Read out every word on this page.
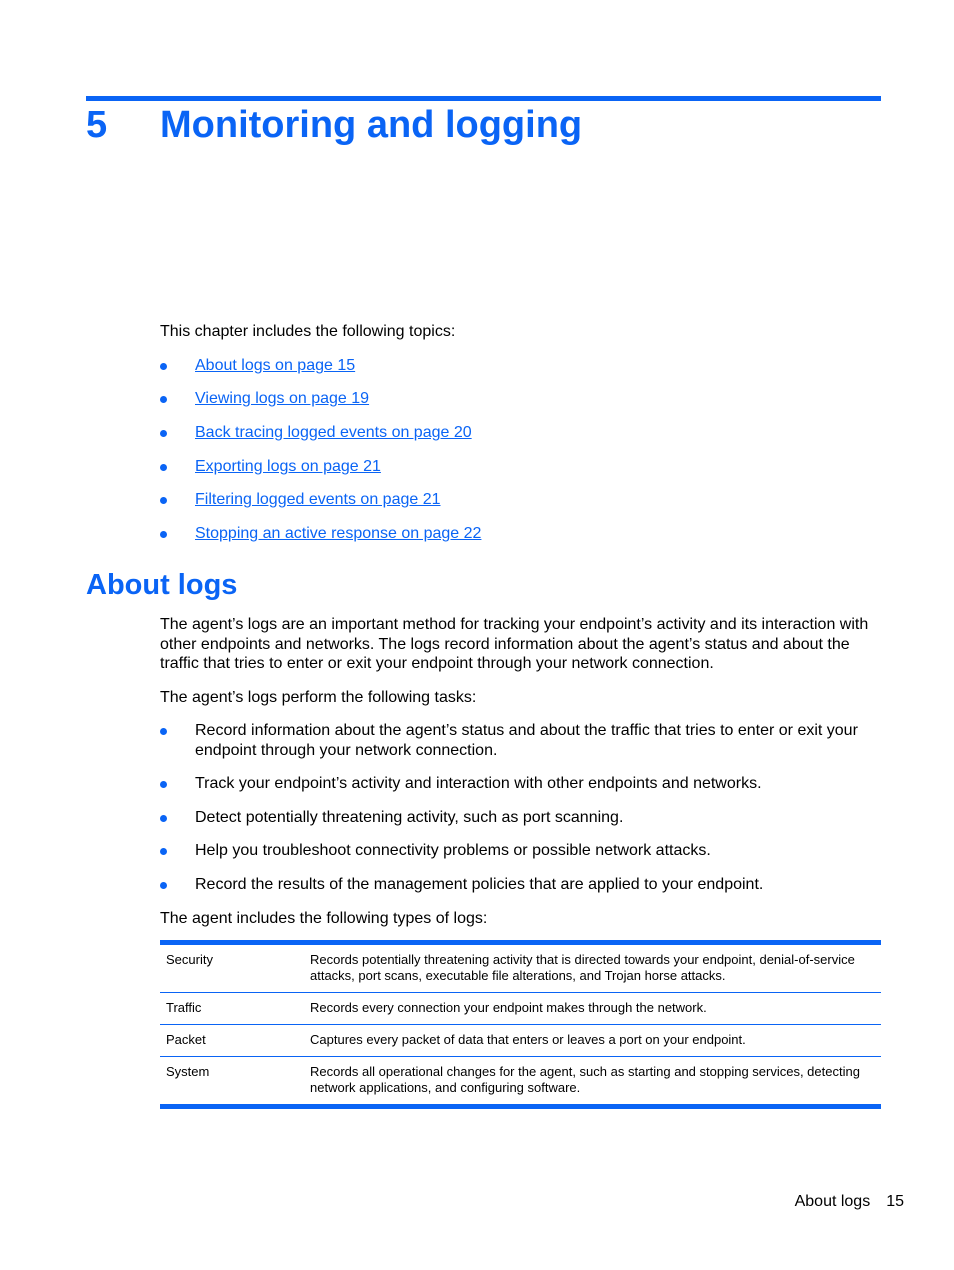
5 Monitoring and logging
This chapter includes the following topics:
About logs on page 15
Viewing logs on page 19
Back tracing logged events on page 20
Exporting logs on page 21
Filtering logged events on page 21
Stopping an active response on page 22
About logs
The agent’s logs are an important method for tracking your endpoint’s activity and its interaction with other endpoints and networks. The logs record information about the agent’s status and about the traffic that tries to enter or exit your endpoint through your network connection.
The agent’s logs perform the following tasks:
Record information about the agent’s status and about the traffic that tries to enter or exit your endpoint through your network connection.
Track your endpoint’s activity and interaction with other endpoints and networks.
Detect potentially threatening activity, such as port scanning.
Help you troubleshoot connectivity problems or possible network attacks.
Record the results of the management policies that are applied to your endpoint.
The agent includes the following types of logs:
Security	Records potentially threatening activity that is directed towards your endpoint, denial-of-service attacks, port scans, executable file alterations, and Trojan horse attacks.
Traffic	Records every connection your endpoint makes through the network.
Packet	Captures every packet of data that enters or leaves a port on your endpoint.
System	Records all operational changes for the agent, such as starting and stopping services, detecting network applications, and configuring software.
About logs 15
